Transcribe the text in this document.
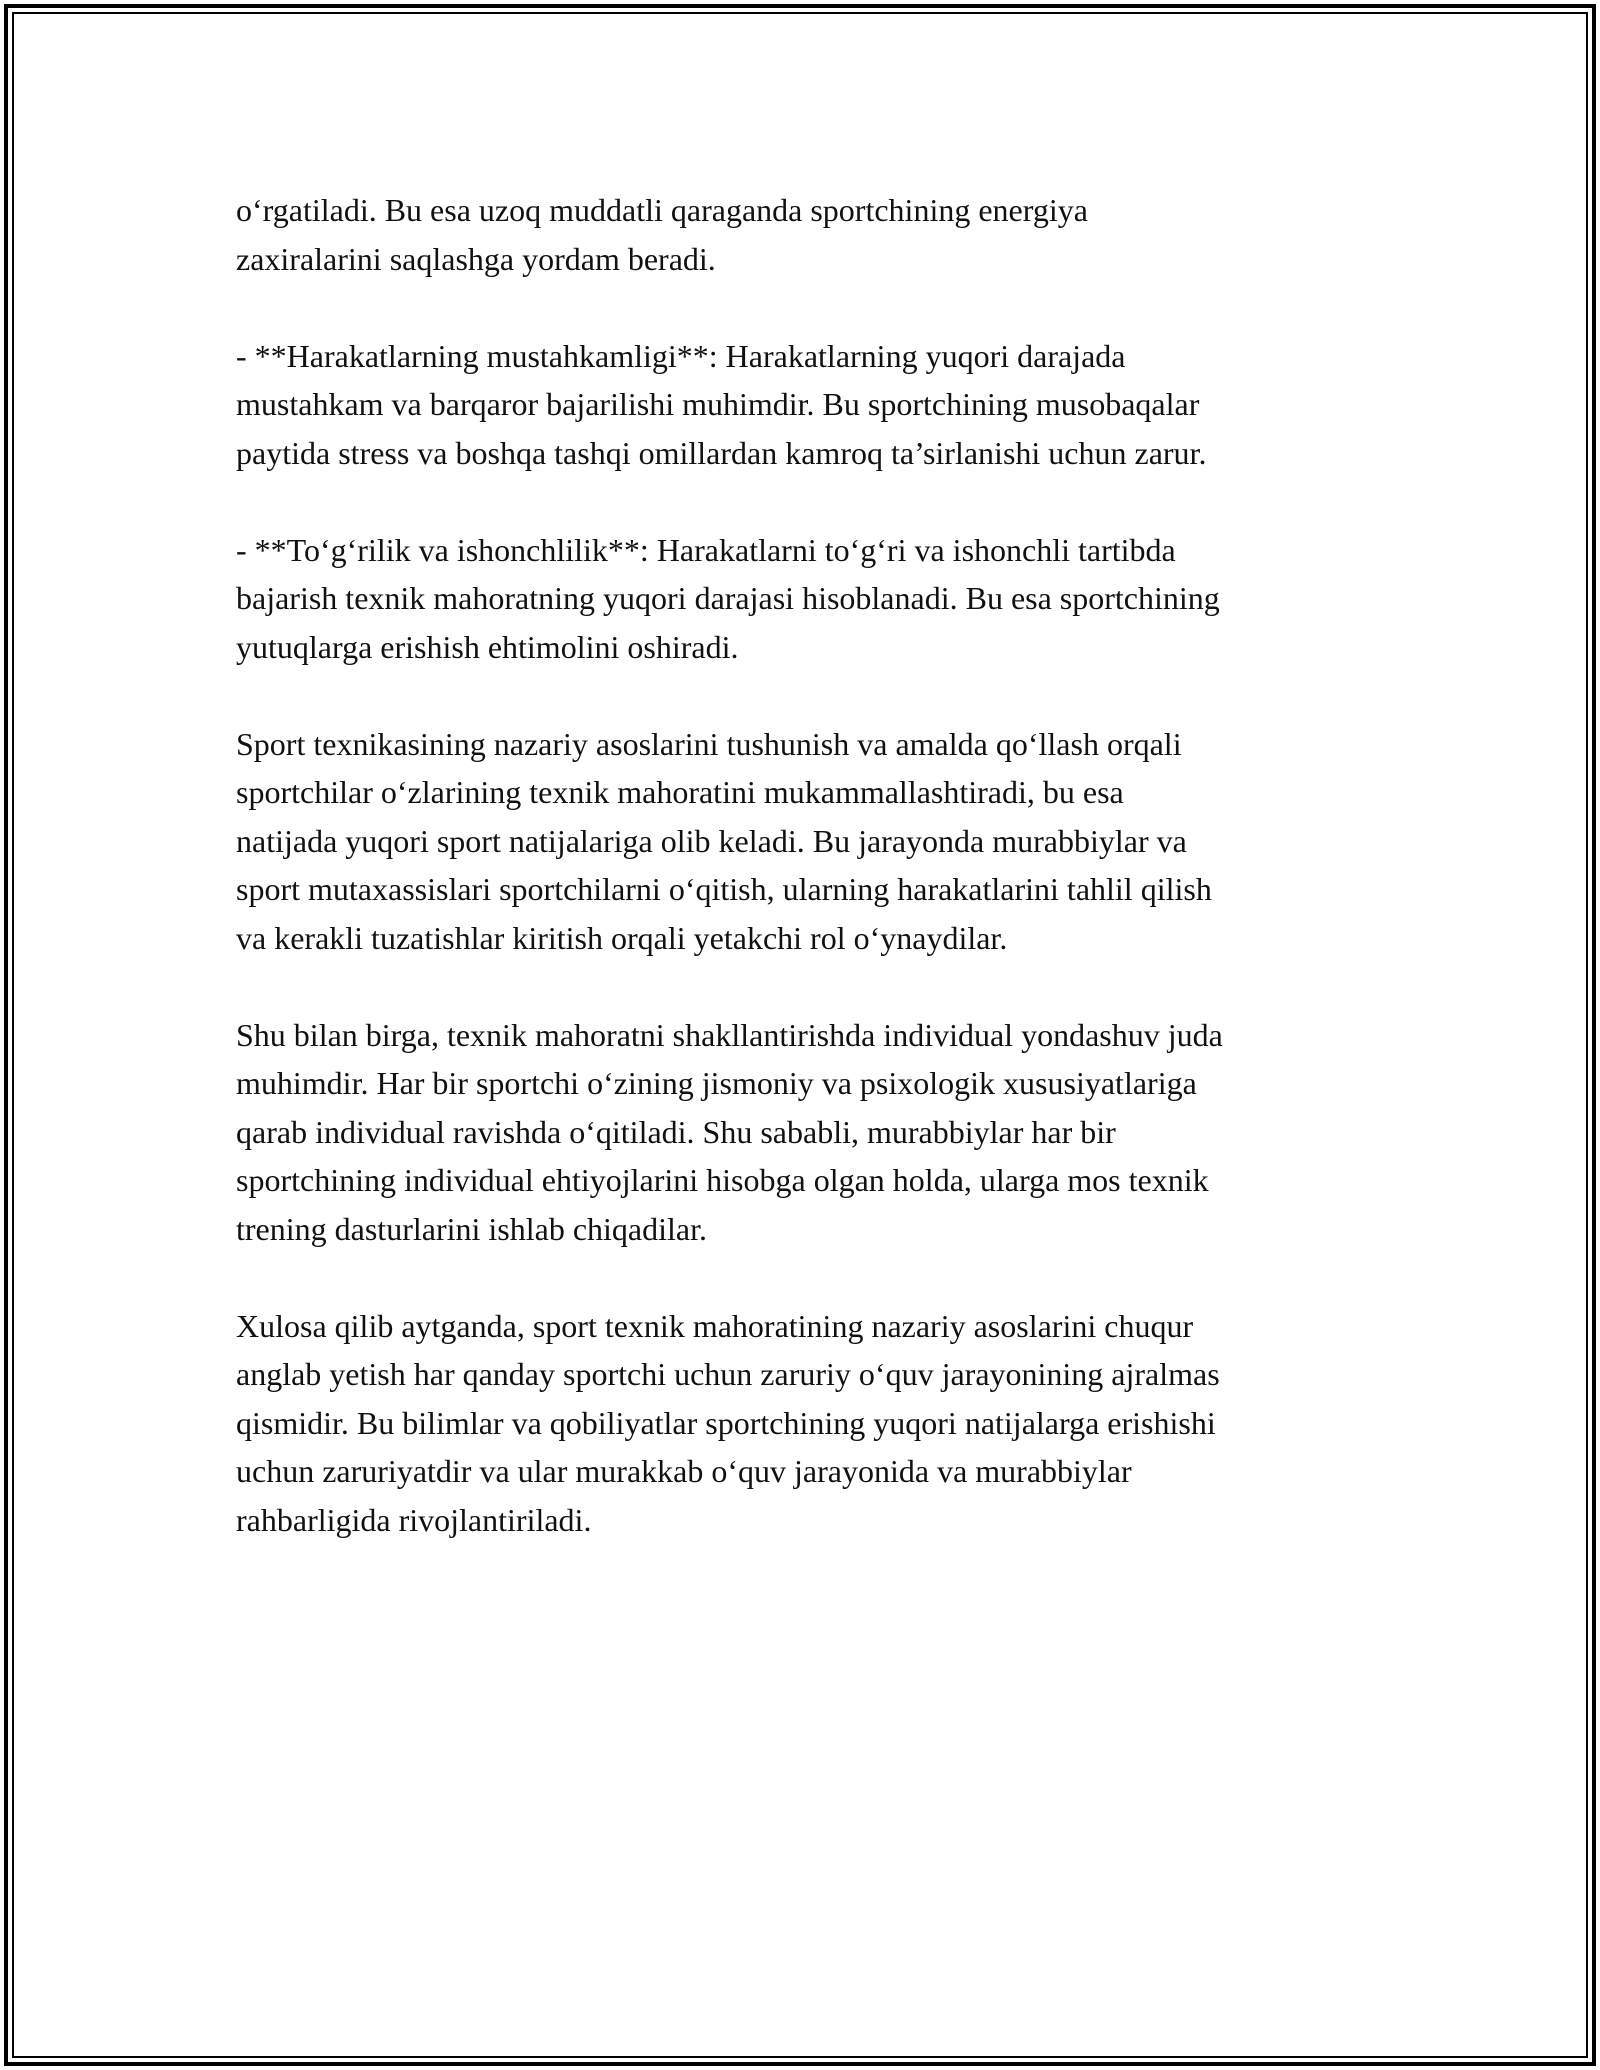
o‘rgatiladi. Bu esa uzoq muddatli qaraganda sportchining energiya
zaxiralarini saqlashga yordam beradi.
- **Harakatlarning mustahkamligi**: Harakatlarning yuqori darajada
mustahkam va barqaror bajarilishi muhimdir. Bu sportchining musobaqalar
paytida stress va boshqa tashqi omillardan kamroq ta’sirlanishi uchun zarur.
- **To‘g‘rilik va ishonchlilik**: Harakatlarni to‘g‘ri va ishonchli tartibda
bajarish texnik mahoratning yuqori darajasi hisoblanadi. Bu esa sportchining
yutuqlarga erishish ehtimolini oshiradi.
Sport texnikasining nazariy asoslarini tushunish va amalda qo‘llash orqali
sportchilar o‘zlarining texnik mahoratini mukammallashtiradi, bu esa
natijada yuqori sport natijalariga olib keladi. Bu jarayonda murabbiylar va
sport mutaxassislari sportchilarni o‘qitish, ularning harakatlarini tahlil qilish
va kerakli tuzatishlar kiritish orqali yetakchi rol o‘ynaydilar.
Shu bilan birga, texnik mahoratni shakllantirishda individual yondashuv juda
muhimdir. Har bir sportchi o‘zining jismoniy va psixologik xususiyatlariga
qarab individual ravishda o‘qitiladi. Shu sababli, murabbiylar har bir
sportchining individual ehtiyojlarini hisobga olgan holda, ularga mos texnik
trening dasturlarini ishlab chiqadilar.
Xulosa qilib aytganda, sport texnik mahoratining nazariy asoslarini chuqur
anglab yetish har qanday sportchi uchun zaruriy o‘quv jarayonining ajralmas
qismidir. Bu bilimlar va qobiliyatlar sportchining yuqori natijalarga erishishi
uchun zaruriyatdir va ular murakkab o‘quv jarayonida va murabbiylar
rahbarligida rivojlantiriladi.
